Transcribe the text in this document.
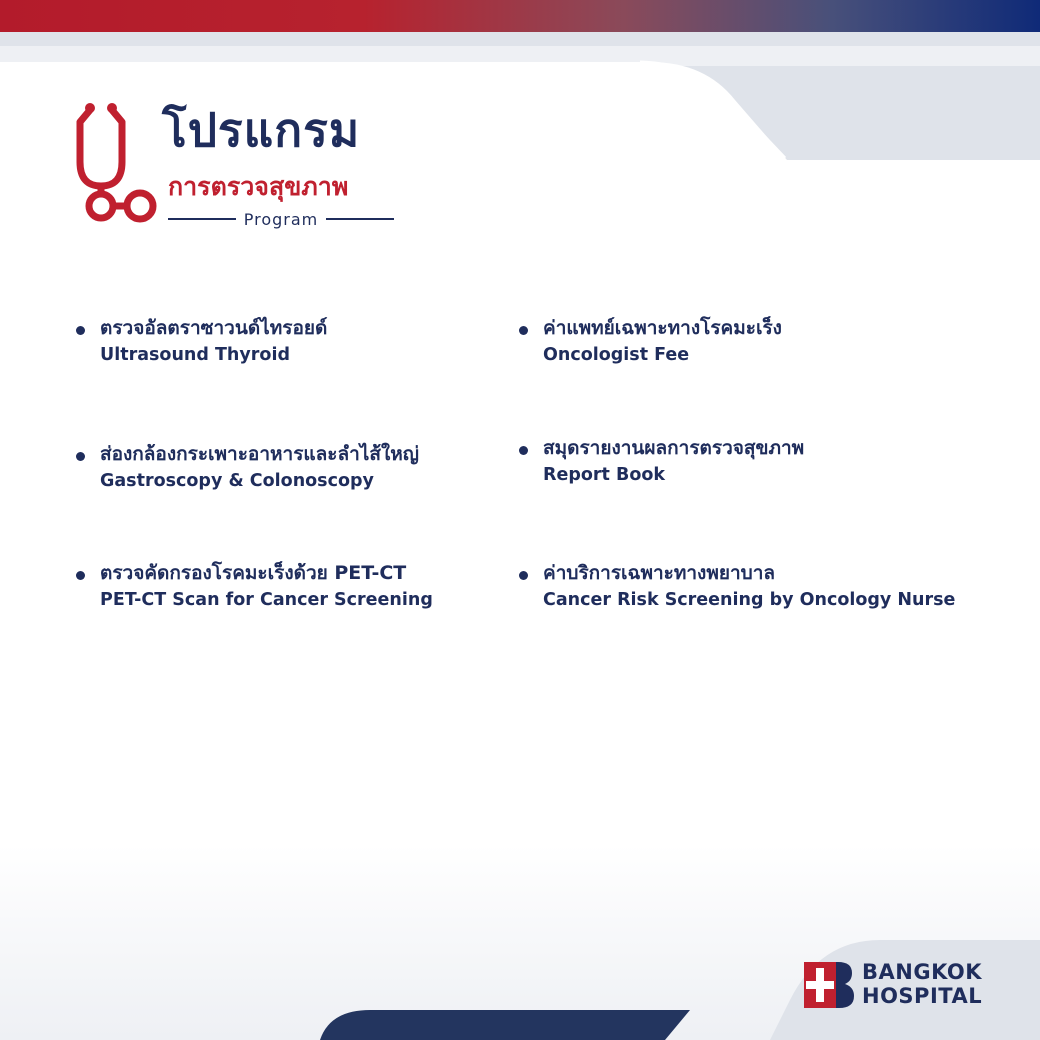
โปรแกรม
การตรวจสุขภาพ
Program
ตรวจอัลตราซาวนด์ไทรอยด์
Ultrasound Thyroid
ค่าแพทย์เฉพาะทางโรคมะเร็ง
Oncologist Fee
ส่องกล้องกระเพาะอาหารและลำไส้ใหญ่
Gastroscopy & Colonoscopy
สมุดรายงานผลการตรวจสุขภาพ
Report Book
ตรวจคัดกรองโรคมะเร็งด้วย PET-CT
PET-CT Scan for Cancer Screening
ค่าบริการเฉพาะทางพยาบาล
Cancer Risk Screening by Oncology Nurse
BANGKOK
HOSPITAL
